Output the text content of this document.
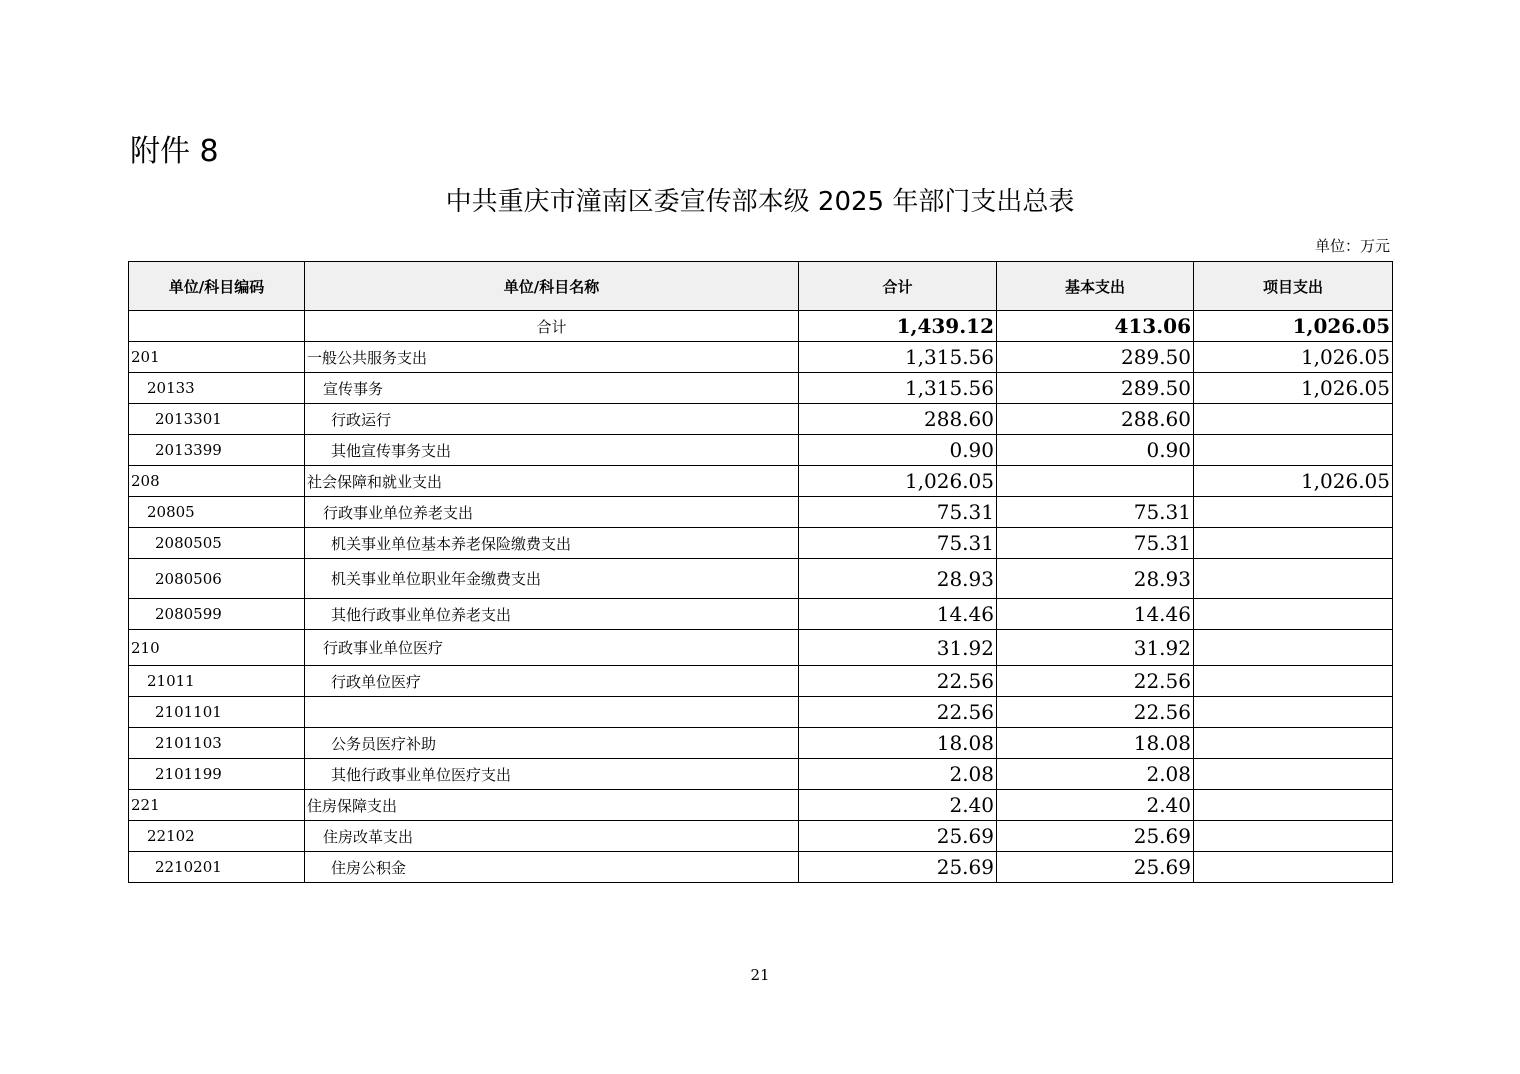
附件 8
中共重庆市潼南区委宣传部本级 2025 年部门支出总表
单位：万元
单位/科目编码	单位/科目名称	合计	基本支出	项目支出
	合计	1,439.12	413.06	1,026.05
201	一般公共服务支出	1,315.56	289.50	1,026.05
20133	宣传事务	1,315.56	289.50	1,026.05
2013301	行政运行	288.60	288.60	
2013399	其他宣传事务支出	0.90	0.90	
208	社会保障和就业支出	1,026.05		1,026.05
20805	行政事业单位养老支出	75.31	75.31	
2080505	机关事业单位基本养老保险缴费支出	75.31	75.31	
2080506	机关事业单位职业年金缴费支出	28.93	28.93	
2080599	其他行政事业单位养老支出	14.46	14.46	
210	行政事业单位医疗	31.92	31.92	
21011	行政单位医疗	22.56	22.56	
2101101		22.56	22.56	
2101103	公务员医疗补助	18.08	18.08	
2101199	其他行政事业单位医疗支出	2.08	2.08	
221	住房保障支出	2.40	2.40	
22102	住房改革支出	25.69	25.69	
2210201	住房公积金	25.69	25.69	
21
